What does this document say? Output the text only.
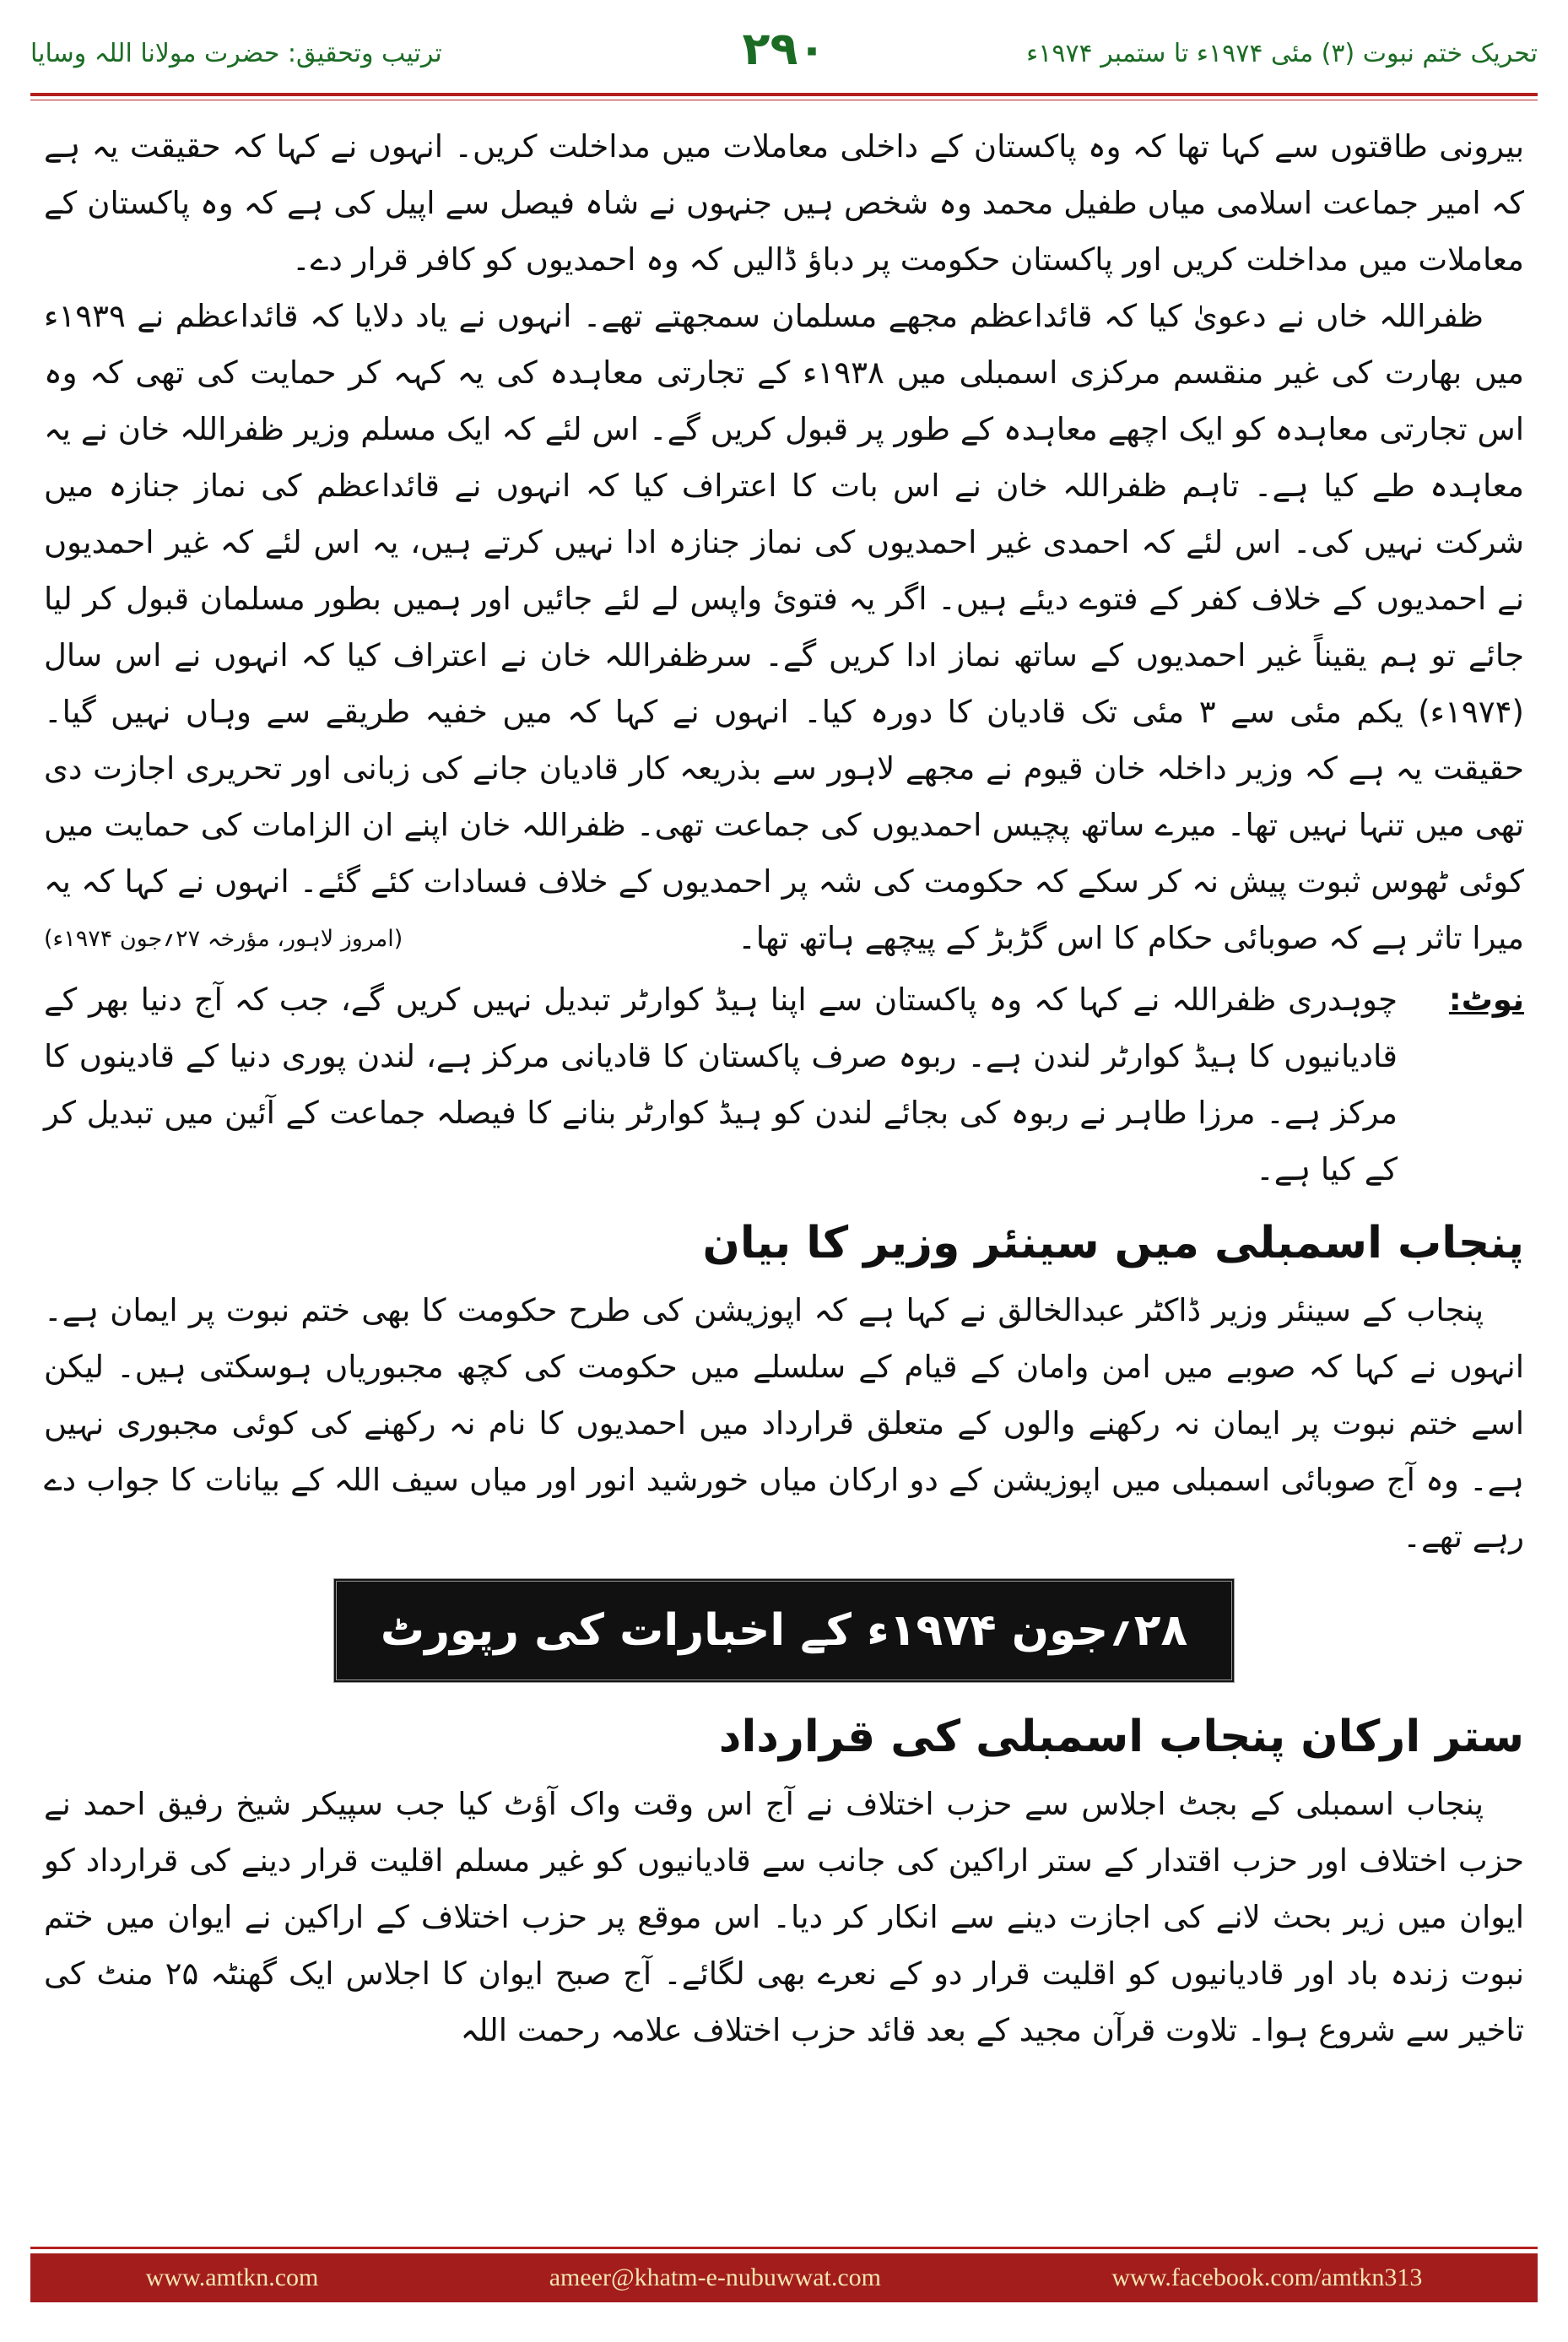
تحریک ختم نبوت (۳) مئی ۱۹۷۴ء تا ستمبر ۱۹۷۴ء
۲۹۰
ترتیب وتحقیق: حضرت مولانا اللہ وسایا

بیرونی طاقتوں سے کہا تھا کہ وہ پاکستان کے داخلی معاملات میں مداخلت کریں۔ انہوں نے کہا کہ حقیقت یہ ہے کہ امیر جماعت اسلامی میاں طفیل محمد وہ شخص ہیں جنہوں نے شاہ فیصل سے اپیل کی ہے کہ وہ پاکستان کے معاملات میں مداخلت کریں اور پاکستان حکومت پر دباؤ ڈالیں کہ وہ احمدیوں کو کافر قرار دے۔

ظفراللہ خاں نے دعویٰ کیا کہ قائداعظم مجھے مسلمان سمجھتے تھے۔ انہوں نے یاد دلایا کہ قائداعظم نے ۱۹۳۹ء میں بھارت کی غیر منقسم مرکزی اسمبلی میں ۱۹۳۸ء کے تجارتی معاہدہ کی یہ کہہ کر حمایت کی تھی کہ وہ اس تجارتی معاہدہ کو ایک اچھے معاہدہ کے طور پر قبول کریں گے۔ اس لئے کہ ایک مسلم وزیر ظفراللہ خان نے یہ معاہدہ طے کیا ہے۔ تاہم ظفراللہ خان نے اس بات کا اعتراف کیا کہ انہوں نے قائداعظم کی نماز جنازہ میں شرکت نہیں کی۔ اس لئے کہ احمدی غیر احمدیوں کی نماز جنازہ ادا نہیں کرتے ہیں، یہ اس لئے کہ غیر احمدیوں نے احمدیوں کے خلاف کفر کے فتوے دیئے ہیں۔ اگر یہ فتوئ واپس لے لئے جائیں اور ہمیں بطور مسلمان قبول کر لیا جائے تو ہم یقیناً غیر احمدیوں کے ساتھ نماز ادا کریں گے۔ سرظفراللہ خان نے اعتراف کیا کہ انہوں نے اس سال (۱۹۷۴ء) یکم مئی سے ۳ مئی تک قادیان کا دورہ کیا۔ انہوں نے کہا کہ میں خفیہ طریقے سے وہاں نہیں گیا۔ حقیقت یہ ہے کہ وزیر داخلہ خان قیوم نے مجھے لاہور سے بذریعہ کار قادیان جانے کی زبانی اور تحریری اجازت دی تھی میں تنہا نہیں تھا۔ میرے ساتھ پچیس احمدیوں کی جماعت تھی۔ ظفراللہ خان اپنے ان الزامات کی حمایت میں کوئی ٹھوس ثبوت پیش نہ کر سکے کہ حکومت کی شہ پر احمدیوں کے خلاف فسادات کئے گئے۔ انہوں نے کہا کہ یہ میرا تاثر ہے کہ صوبائی حکام کا اس گڑبڑ کے پیچھے ہاتھ تھا۔

(امروز لاہور، مؤرخہ ۲۷؍جون ۱۹۷۴ء)
نوٹ:
چوہدری ظفراللہ نے کہا کہ وہ پاکستان سے اپنا ہیڈ کوارٹر تبدیل نہیں کریں گے، جب کہ آج دنیا بھر کے قادیانیوں کا ہیڈ کوارٹر لندن ہے۔ ربوہ صرف پاکستان کا قادیانی مرکز ہے، لندن پوری دنیا کے قادینوں کا مرکز ہے۔ مرزا طاہر نے ربوہ کی بجائے لندن کو ہیڈ کوارٹر بنانے کا فیصلہ جماعت کے آئین میں تبدیل کر کے کیا ہے۔
پنجاب اسمبلی میں سینئر وزیر کا بیان

پنجاب کے سینئر وزیر ڈاکٹر عبدالخالق نے کہا ہے کہ اپوزیشن کی طرح حکومت کا بھی ختم نبوت پر ایمان ہے۔ انہوں نے کہا کہ صوبے میں امن وامان کے قیام کے سلسلے میں حکومت کی کچھ مجبوریاں ہوسکتی ہیں۔ لیکن اسے ختم نبوت پر ایمان نہ رکھنے والوں کے متعلق قرارداد میں احمدیوں کا نام نہ رکھنے کی کوئی مجبوری نہیں ہے۔ وہ آج صوبائی اسمبلی میں اپوزیشن کے دو ارکان میاں خورشید انور اور میاں سیف اللہ کے بیانات کا جواب دے رہے تھے۔

۲۸؍جون ۱۹۷۴ء کے اخبارات کی رپورٹ
ستر ارکان پنجاب اسمبلی کی قرارداد

پنجاب اسمبلی کے بجٹ اجلاس سے حزب اختلاف نے آج اس وقت واک آؤٹ کیا جب سپیکر شیخ رفیق احمد نے حزب اختلاف اور حزب اقتدار کے ستر اراکین کی جانب سے قادیانیوں کو غیر مسلم اقلیت قرار دینے کی قرارداد کو ایوان میں زیر بحث لانے کی اجازت دینے سے انکار کر دیا۔ اس موقع پر حزب اختلاف کے اراکین نے ایوان میں ختم نبوت زندہ باد اور قادیانیوں کو اقلیت قرار دو کے نعرے بھی لگائے۔ آج صبح ایوان کا اجلاس ایک گھنٹہ ۲۵ منٹ کی تاخیر سے شروع ہوا۔ تلاوت قرآن مجید کے بعد قائد حزب اختلاف علامہ رحمت اللہ

www.amtkn.com	ameer@khatm-e-nubuwwat.com	www.facebook.com/amtkn313
